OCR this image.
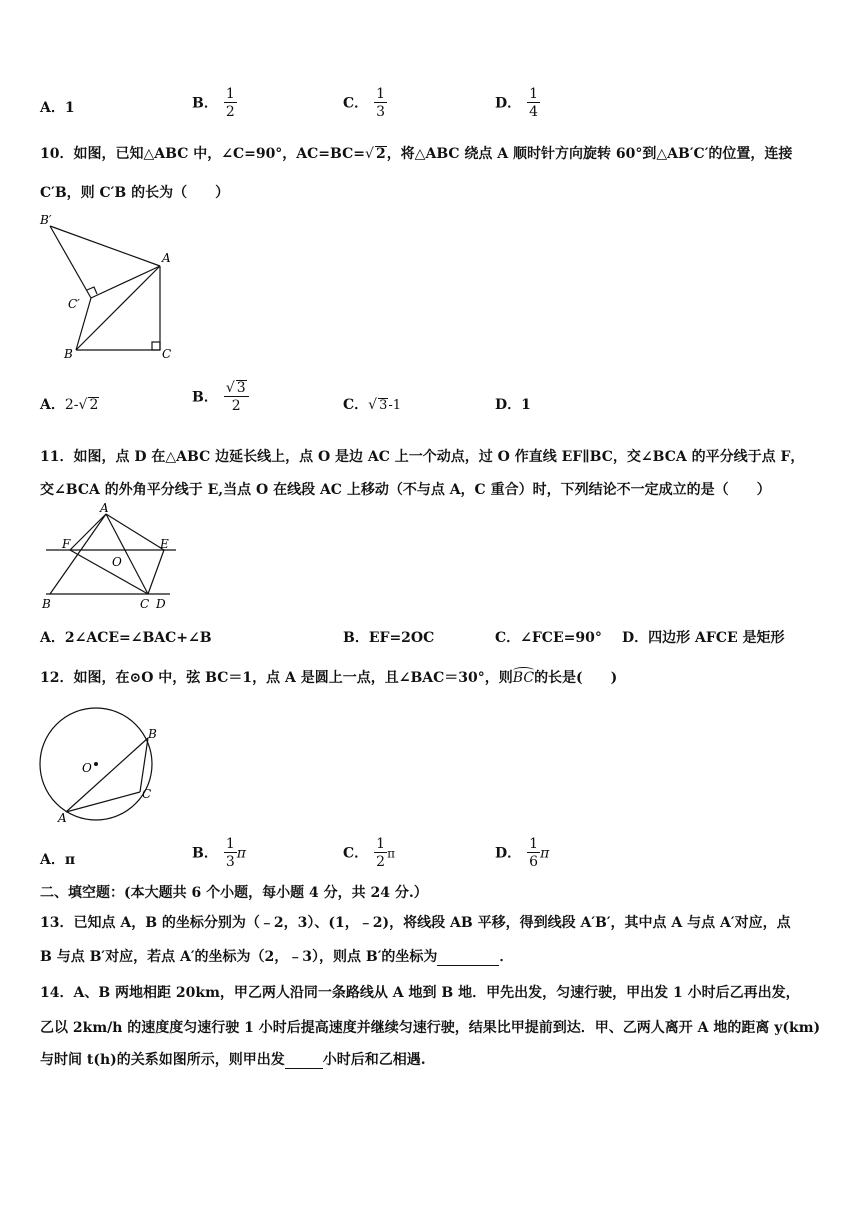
A．1	B． $\frac{1}{2}$	C． $\frac{1}{3}$	D． $\frac{1}{4}$
10．如图，已知△ABC 中，∠C=90°，AC=BC=√ 2，将△ABC 绕点 A 顺时针方向旋转 60°到△AB′C′的位置，连接
C′B，则 C′B 的长为（　　）
B′
A
C′
B	C
A．2-√ 2	B． $\frac{√ 3}{2}$	C．√ 3-1	D．1
11．如图，点 D 在△ABC 边延长线上，点 O 是边 AC 上一个动点，过 O 作直线 EF∥BC，交∠BCA 的平分线于点 F，
交∠BCA 的外角平分线于 E,当点 O 在线段 AC 上移动（不与点 A，C 重合）时，下列结论不一定成立的是（　　）
A
F	E
O
B	C D
A．2∠ACE=∠BAC+∠B	B．EF=2OC	C．∠FCE=90° D．四边形 AFCE 是矩形
12．如图，在⊙O 中，弦 BC＝1，点 A 是圆上一点，且∠BAC＝30°，则BC的长是(　　)
O
B
C
A
A．π	B． $\frac{1}{3}$ π	C． $\frac{1}{2}$ π	D． $\frac{1}{6}$ π
二、填空题：(本大题共 6 个小题，每小题 4 分，共 24 分.）
13．已知点 A，B 的坐标分别为（﹣2，3）、(1，﹣2)，将线段 AB 平移，得到线段 A′B′，其中点 A 与点 A′对应，点
B 与点 B′对应，若点 A′的坐标为（2，﹣3），则点 B′的坐标为	．
14．A、B 两地相距 20km，甲乙两人沿同一条路线从 A 地到 B 地．甲先出发，匀速行驶，甲出发 1 小时后乙再出发，
乙以 2km/h 的速度度匀速行驶 1 小时后提高速度并继续匀速行驶，结果比甲提前到达．甲、乙两人离开 A 地的距离 y(km)
与时间 t(h)的关系如图所示，则甲出发	小时后和乙相遇.
